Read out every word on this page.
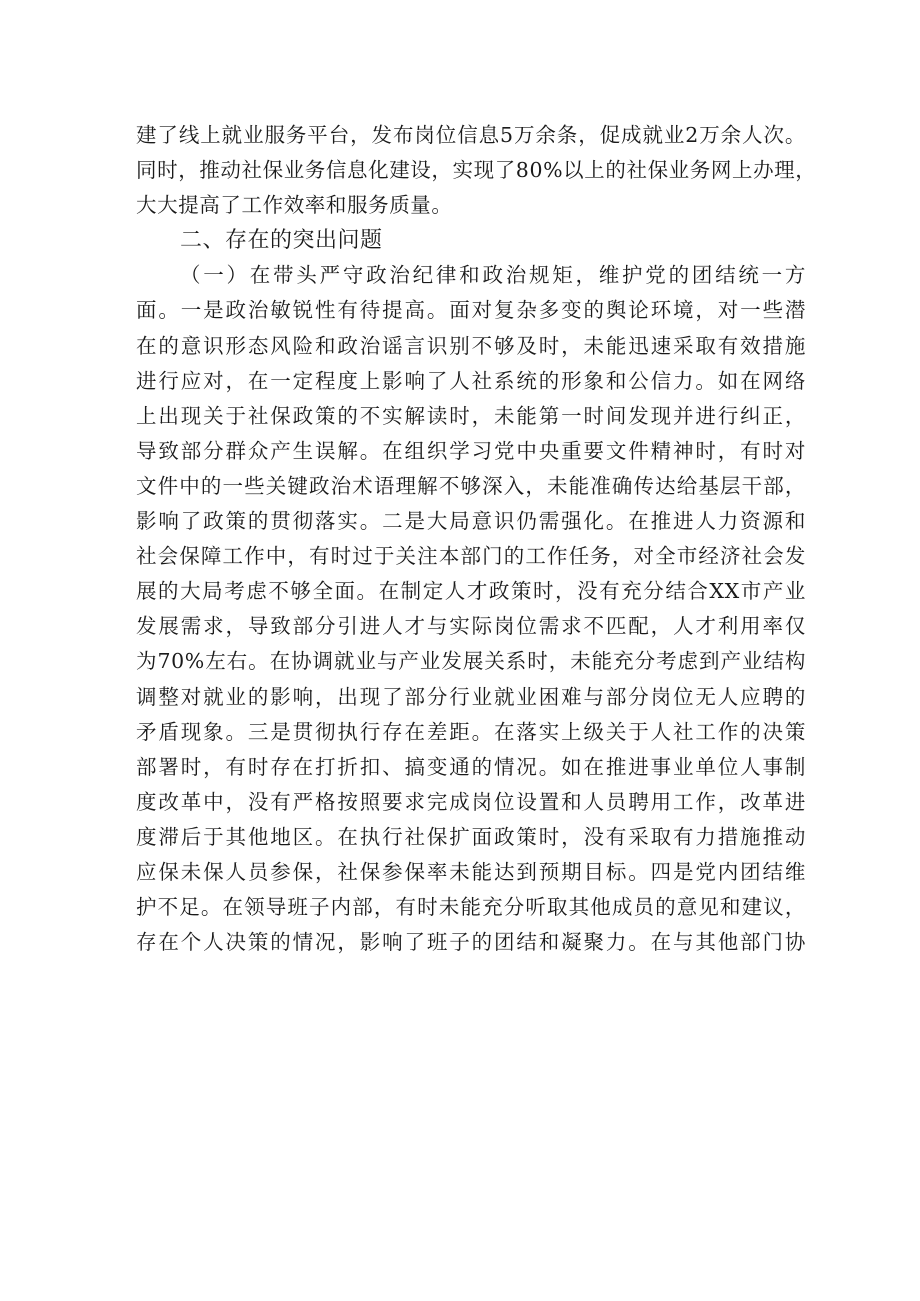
建了线上就业服务平台，发布岗位信息5万余条，促成就业2万余人次。
同时，推动社保业务信息化建设，实现了80%以上的社保业务网上办理，
大大提高了工作效率和服务质量。
二、存在的突出问题
（一）在带头严守政治纪律和政治规矩，维护党的团结统一方
面。一是政治敏锐性有待提高。面对复杂多变的舆论环境，对一些潜
在的意识形态风险和政治谣言识别不够及时，未能迅速采取有效措施
进行应对，在一定程度上影响了人社系统的形象和公信力。如在网络
上出现关于社保政策的不实解读时，未能第一时间发现并进行纠正，
导致部分群众产生误解。在组织学习党中央重要文件精神时，有时对
文件中的一些关键政治术语理解不够深入，未能准确传达给基层干部，
影响了政策的贯彻落实。二是大局意识仍需强化。在推进人力资源和
社会保障工作中，有时过于关注本部门的工作任务，对全市经济社会发
展的大局考虑不够全面。在制定人才政策时，没有充分结合XX市产业
发展需求，导致部分引进人才与实际岗位需求不匹配，人才利用率仅
为70%左右。在协调就业与产业发展关系时，未能充分考虑到产业结构
调整对就业的影响，出现了部分行业就业困难与部分岗位无人应聘的
矛盾现象。三是贯彻执行存在差距。在落实上级关于人社工作的决策
部署时，有时存在打折扣、搞变通的情况。如在推进事业单位人事制
度改革中，没有严格按照要求完成岗位设置和人员聘用工作，改革进
度滞后于其他地区。在执行社保扩面政策时，没有采取有力措施推动
应保未保人员参保，社保参保率未能达到预期目标。四是党内团结维
护不足。在领导班子内部，有时未能充分听取其他成员的意见和建议，
存在个人决策的情况，影响了班子的团结和凝聚力。在与其他部门协
